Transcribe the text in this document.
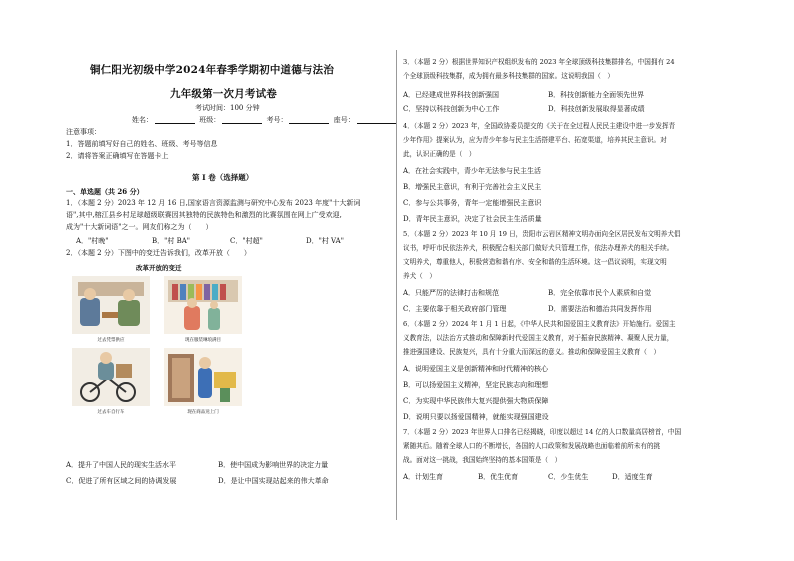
铜仁阳光初级中学2024年春季学期初中道德与法治
九年级第一次月考试卷
考试时间：100 分钟
姓名：	班级：	考号：	座号：
注意事项：
1．答题前填写好自己的姓名、班级、考号等信息
2．请将答案正确填写在答题卡上
第 I 卷（选择题）
一、单选题（共 26 分）
1．（本题 2 分）2023 年 12 月 16 日,国家语言资源监测与研究中心发布 2023 年度"十大新词
语",其中,榕江县乡村足球超级联赛因其独特的民族特色和激烈的比赛氛围在网上广受欢迎,
成为"十大新词语"之一。网友们称之为（　　）
A．"村晚"	B．"村 BA"	C．"村超"	D．"村 VA"
2．（本题 2 分）下图中的变迁告诉我们，改革开放（　　）
改革开放的变迁
过去凭票供应	现在服装琳琅满目
过去车自行车	现在商品送上门
A．提升了中国人民的现实生活水平	B．使中国成为影响世界的决定力量
C．促进了所有区域之间的协调发展	D．是让中国实现站起来的伟大革命
3．（本题 2 分）根据世界知识产权组织发布的 2023 年全球顶级科技集群排名，中国拥有 24
个全球顶级科技集群，成为拥有最多科技集群的国家。这说明我国（　）
A．已经建成世界科技创新强国	B．科技创新能力全面领先世界
C．坚持以科技创新为中心工作	D．科技创新发展取得显著成绩
4．（本题 2 分）2023 年，全国政协委员提交的《关于在全过程人民民主建设中进一步发挥青
少年作用》提案认为，应为青少年参与民主生活搭建平台、拓宽渠道，培养其民主意识。对
此，认识正确的是（　）
A．在社会实践中，青少年无法参与民主生活
B．增强民主意识，有利于完善社会主义民主
C．参与公共事务，青年一定能增强民主意识
D．青年民主意识，决定了社会民主生活质量
5．（本题 2 分）2023 年 10 月 19 日，贵阳市云岩区精神文明办面向全区居民发布文明养犬倡
议书，呼吁市民依法养犬，积极配合相关部门做好犬只管理工作，依法办理养犬的相关手续。
文明养犬，尊重他人，积极营造和谐有序、安全和谐的生活环境。这一倡议说明，实现文明
养犬（　）
A．只能严厉的法律打击和规范	B．完全依靠市民个人素质和自觉
C．主要依靠于相关政府部门管理	D．需要法治和德治共同发挥作用
6．（本题 2 分）2024 年 1 月 1 日起，《中华人民共和国爱国主义教育法》开始施行。爱国主
义教育法，以法治方式推动和保障新时代爱国主义教育，对于振奋民族精神、凝聚人民力量，
推进强国建设、民族复兴，具有十分重大而深远的意义。推动和保障爱国主义教育（　）
A．说明爱国主义是创新精神和时代精神的核心
B．可以扬爱国主义精神，坚定民族志向和理想
C．为实现中华民族伟大复兴提供强大物质保障
D．说明只要以扬爱国精神，就能实现强国建设
7．（本题 2 分）2023 年世界人口排名已经揭晓，印度以超过 14 亿的人口数量高居榜首，中国
紧随其后。随着全球人口的不断增长，各国的人口政策和发展战略也面临着前所未有的挑
战。面对这一挑战，我国始终坚持的基本国策是（　）
A．计划生育	B．优生优育	C．少生优生	D．适度生育
